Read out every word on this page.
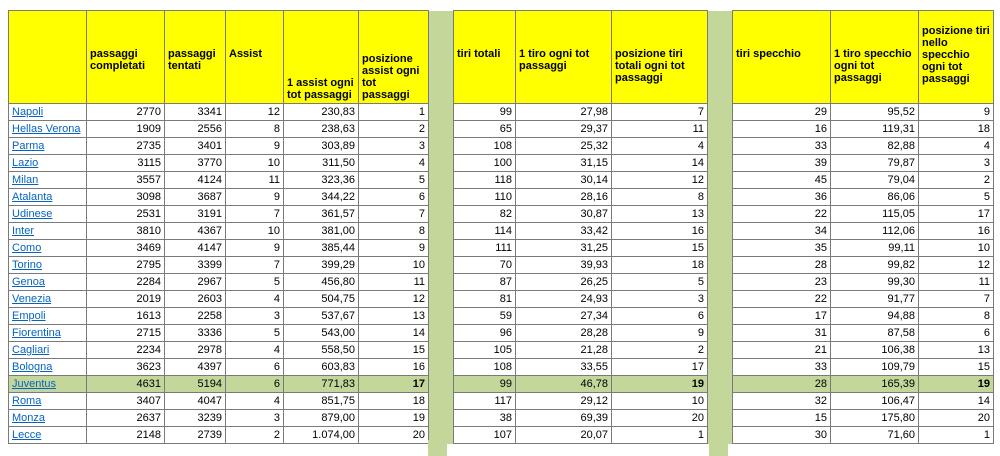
	passaggi completati	passaggi tentati	Assist	1 assist ogni tot passaggi	posizione assist ogni tot passaggi		tiri totali	1 tiro ogni tot passaggi	posizione tiri totali ogni tot passaggi		tiri specchio	1 tiro specchio ogni tot passaggi	posizione tiri nello specchio ogni tot passaggi
Napoli	2770	3341	12	230,83	1		99	27,98	7		29	95,52	9
Hellas Verona	1909	2556	8	238,63	2		65	29,37	11		16	119,31	18
Parma	2735	3401	9	303,89	3		108	25,32	4		33	82,88	4
Lazio	3115	3770	10	311,50	4		100	31,15	14		39	79,87	3
Milan	3557	4124	11	323,36	5		118	30,14	12		45	79,04	2
Atalanta	3098	3687	9	344,22	6		110	28,16	8		36	86,06	5
Udinese	2531	3191	7	361,57	7		82	30,87	13		22	115,05	17
Inter	3810	4367	10	381,00	8		114	33,42	16		34	112,06	16
Como	3469	4147	9	385,44	9		111	31,25	15		35	99,11	10
Torino	2795	3399	7	399,29	10		70	39,93	18		28	99,82	12
Genoa	2284	2967	5	456,80	11		87	26,25	5		23	99,30	11
Venezia	2019	2603	4	504,75	12		81	24,93	3		22	91,77	7
Empoli	1613	2258	3	537,67	13		59	27,34	6		17	94,88	8
Fiorentina	2715	3336	5	543,00	14		96	28,28	9		31	87,58	6
Cagliari	2234	2978	4	558,50	15		105	21,28	2		21	106,38	13
Bologna	3623	4397	6	603,83	16		108	33,55	17		33	109,79	15
Juventus	4631	5194	6	771,83	17		99	46,78	19		28	165,39	19
Roma	3407	4047	4	851,75	18		117	29,12	10		32	106,47	14
Monza	2637	3239	3	879,00	19		38	69,39	20		15	175,80	20
Lecce	2148	2739	2	1.074,00	20		107	20,07	1		30	71,60	1
